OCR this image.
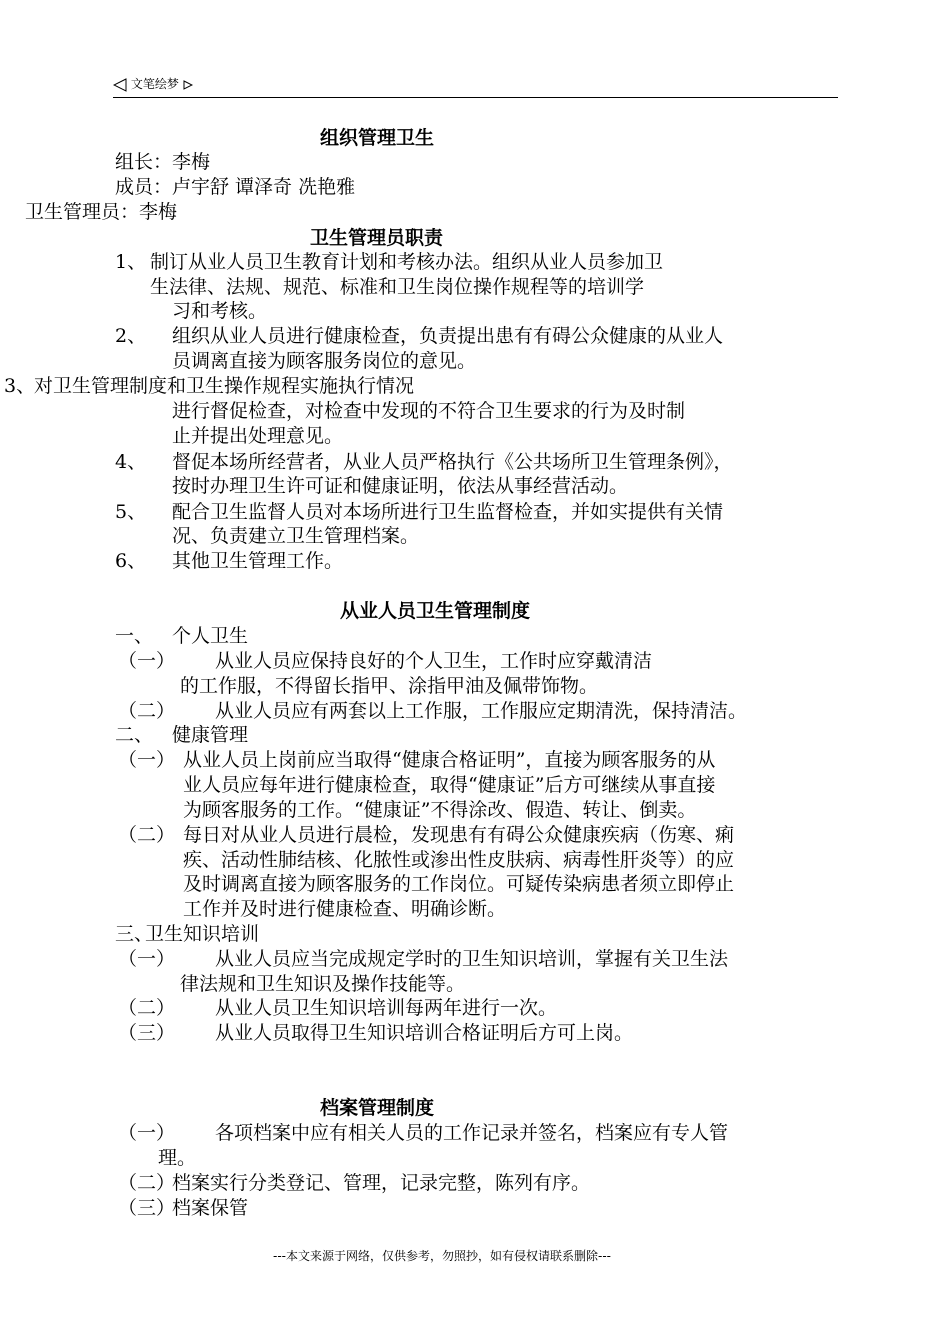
文笔绘梦
组织管理卫生
组长：李梅
成员：卢宇舒 谭泽奇 冼艳雅
卫生管理员：李梅
卫生管理员职责
1、 制订从业人员卫生教育计划和考核办法。组织从业人员参加卫
生法律、法规、规范、标准和卫生岗位操作规程等的培训学
习和考核。
2、 组织从业人员进行健康检查，负责提出患有有碍公众健康的从业人
员调离直接为顾客服务岗位的意见。
3、
对卫生管理制度和卫生操作规程实施执行情况
进行督促检查，对检查中发现的不符合卫生要求的行为及时制
止并提出处理意见。
4、 督促本场所经营者，从业人员严格执行《公共场所卫生管理条例》，
按时办理卫生许可证和健康证明，依法从事经营活动。
5、 配合卫生监督人员对本场所进行卫生监督检查，并如实提供有关情
况、负责建立卫生管理档案。
6、 其他卫生管理工作。
从业人员卫生管理制度
一、 个人卫生
（一） 从业人员应保持良好的个人卫生，工作时应穿戴清洁
的工作服，不得留长指甲、涂指甲油及佩带饰物。
（二） 从业人员应有两套以上工作服，工作服应定期清洗，保持清洁。
二、 健康管理
（一） 从业人员上岗前应当取得“健康合格证明”，直接为顾客服务的从
业人员应每年进行健康检查，取得“健康证”后方可继续从事直接
为顾客服务的工作。“健康证”不得涂改、假造、转让、倒卖。
（二） 每日对从业人员进行晨检，发现患有有碍公众健康疾病（伤寒、痢
疾、活动性肺结核、化脓性或渗出性皮肤病、病毒性肝炎等）的应
及时调离直接为顾客服务的工作岗位。可疑传染病患者须立即停止
工作并及时进行健康检查、明确诊断。
三、
卫生知识培训
（一） 从业人员应当完成规定学时的卫生知识培训，掌握有关卫生法
律法规和卫生知识及操作技能等。
（二） 从业人员卫生知识培训每两年进行一次。
（三） 从业人员取得卫生知识培训合格证明后方可上岗。
档案管理制度
（一） 各项档案中应有相关人员的工作记录并签名，档案应有专人管
理。
（二）
档案实行分类登记、管理，记录完整，陈列有序。
（三）
档案保管
---本文来源于网络，仅供参考，勿照抄，如有侵权请联系删除---
